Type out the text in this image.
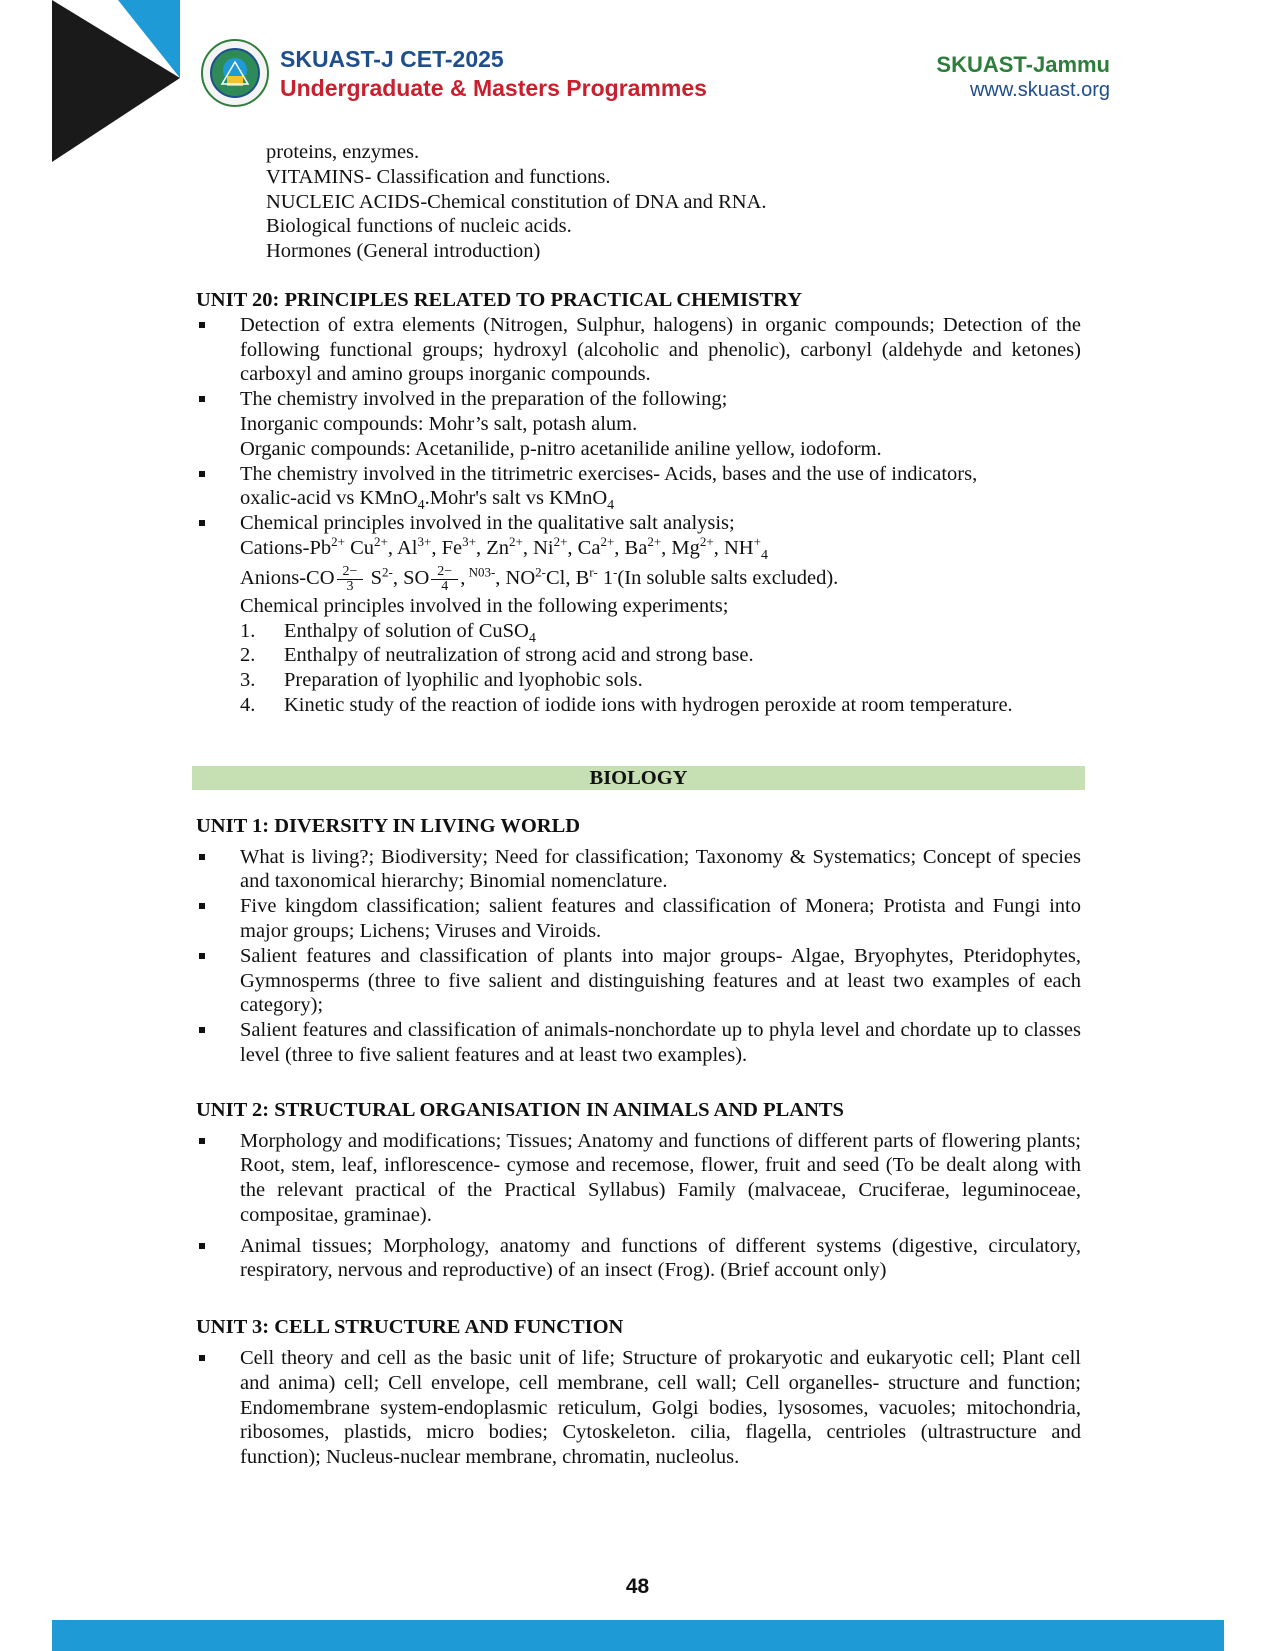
SKUAST-J CET-2025
Undergraduate & Masters Programmes
SKUAST-Jammu
www.skuast.org
proteins, enzymes.
VITAMINS- Classification and functions.
NUCLEIC ACIDS-Chemical constitution of DNA and RNA.
Biological functions of nucleic acids.
Hormones (General introduction)
UNIT 20: PRINCIPLES RELATED TO PRACTICAL CHEMISTRY
Detection of extra elements (Nitrogen, Sulphur, halogens) in organic compounds; Detection of the following functional groups; hydroxyl (alcoholic and phenolic), carbonyl (aldehyde and ketones) carboxyl and amino groups inorganic compounds.
The chemistry involved in the preparation of the following;
Inorganic compounds: Mohr’s salt, potash alum.
Organic compounds: Acetanilide, p-nitro acetanilide aniline yellow, iodoform.
The chemistry involved in the titrimetric exercises- Acids, bases and the use of indicators,
oxalic-acid vs KMnO$_4$.Mohr's salt vs KMnO$_4$
Chemical principles involved in the qualitative salt analysis;
Cations-$Pb^{2+}$ $Cu^{2+}$, $Al^{3+}$, $Fe^{3+}$, $Zn^{2+}$, $Ni^{2+}$, $Ca^{2+}$, $Ba^{2+}$, $Mg^{2+}$, $NH^+_4$
Anions-CO $\frac{2-}{3} S^{2-}$, SO $\frac{2-}{4}$ , $^{N03-}$, $NO^{2-}Cl$, $B^{r-}$ 1-(In soluble salts excluded).
Chemical principles involved in the following experiments;
1.	Enthalpy of solution of CuSO$_4$
2.	Enthalpy of neutralization of strong acid and strong base.
3.	Preparation of lyophilic and lyophobic sols.
4.	Kinetic study of the reaction of iodide ions with hydrogen peroxide at room temperature.
BIOLOGY
UNIT 1: DIVERSITY IN LIVING WORLD
What is living?; Biodiversity; Need for classification; Taxonomy & Systematics; Concept of species and taxonomical hierarchy; Binomial nomenclature.
Five kingdom classification; salient features and classification of Monera; Protista and Fungi into major groups; Lichens; Viruses and Viroids.
Salient features and classification of plants into major groups- Algae, Bryophytes, Pteridophytes, Gymnosperms (three to five salient and distinguishing features and at least two examples of each category);
Salient features and classification of animals-nonchordate up to phyla level and chordate up to classes level (three to five salient features and at least two examples).
UNIT 2: STRUCTURAL ORGANISATION IN ANIMALS AND PLANTS
Morphology and modifications; Tissues; Anatomy and functions of different parts of flowering plants; Root, stem, leaf, inflorescence- cymose and recemose, flower, fruit and seed (To be dealt along with the relevant practical of the Practical Syllabus) Family (malvaceae, Cruciferae, leguminoceae, compositae, graminae).
Animal tissues; Morphology, anatomy and functions of different systems (digestive, circulatory, respiratory, nervous and reproductive) of an insect (Frog). (Brief account only)
UNIT 3: CELL STRUCTURE AND FUNCTION
Cell theory and cell as the basic unit of life; Structure of prokaryotic and eukaryotic cell; Plant cell and anima) cell; Cell envelope, cell membrane, cell wall; Cell organelles- structure and function; Endomembrane system-endoplasmic reticulum, Golgi bodies, lysosomes, vacuoles; mitochondria, ribosomes, plastids, micro bodies; Cytoskeleton. cilia, flagella, centrioles (ultrastructure and function); Nucleus-nuclear membrane, chromatin, nucleolus.
48
